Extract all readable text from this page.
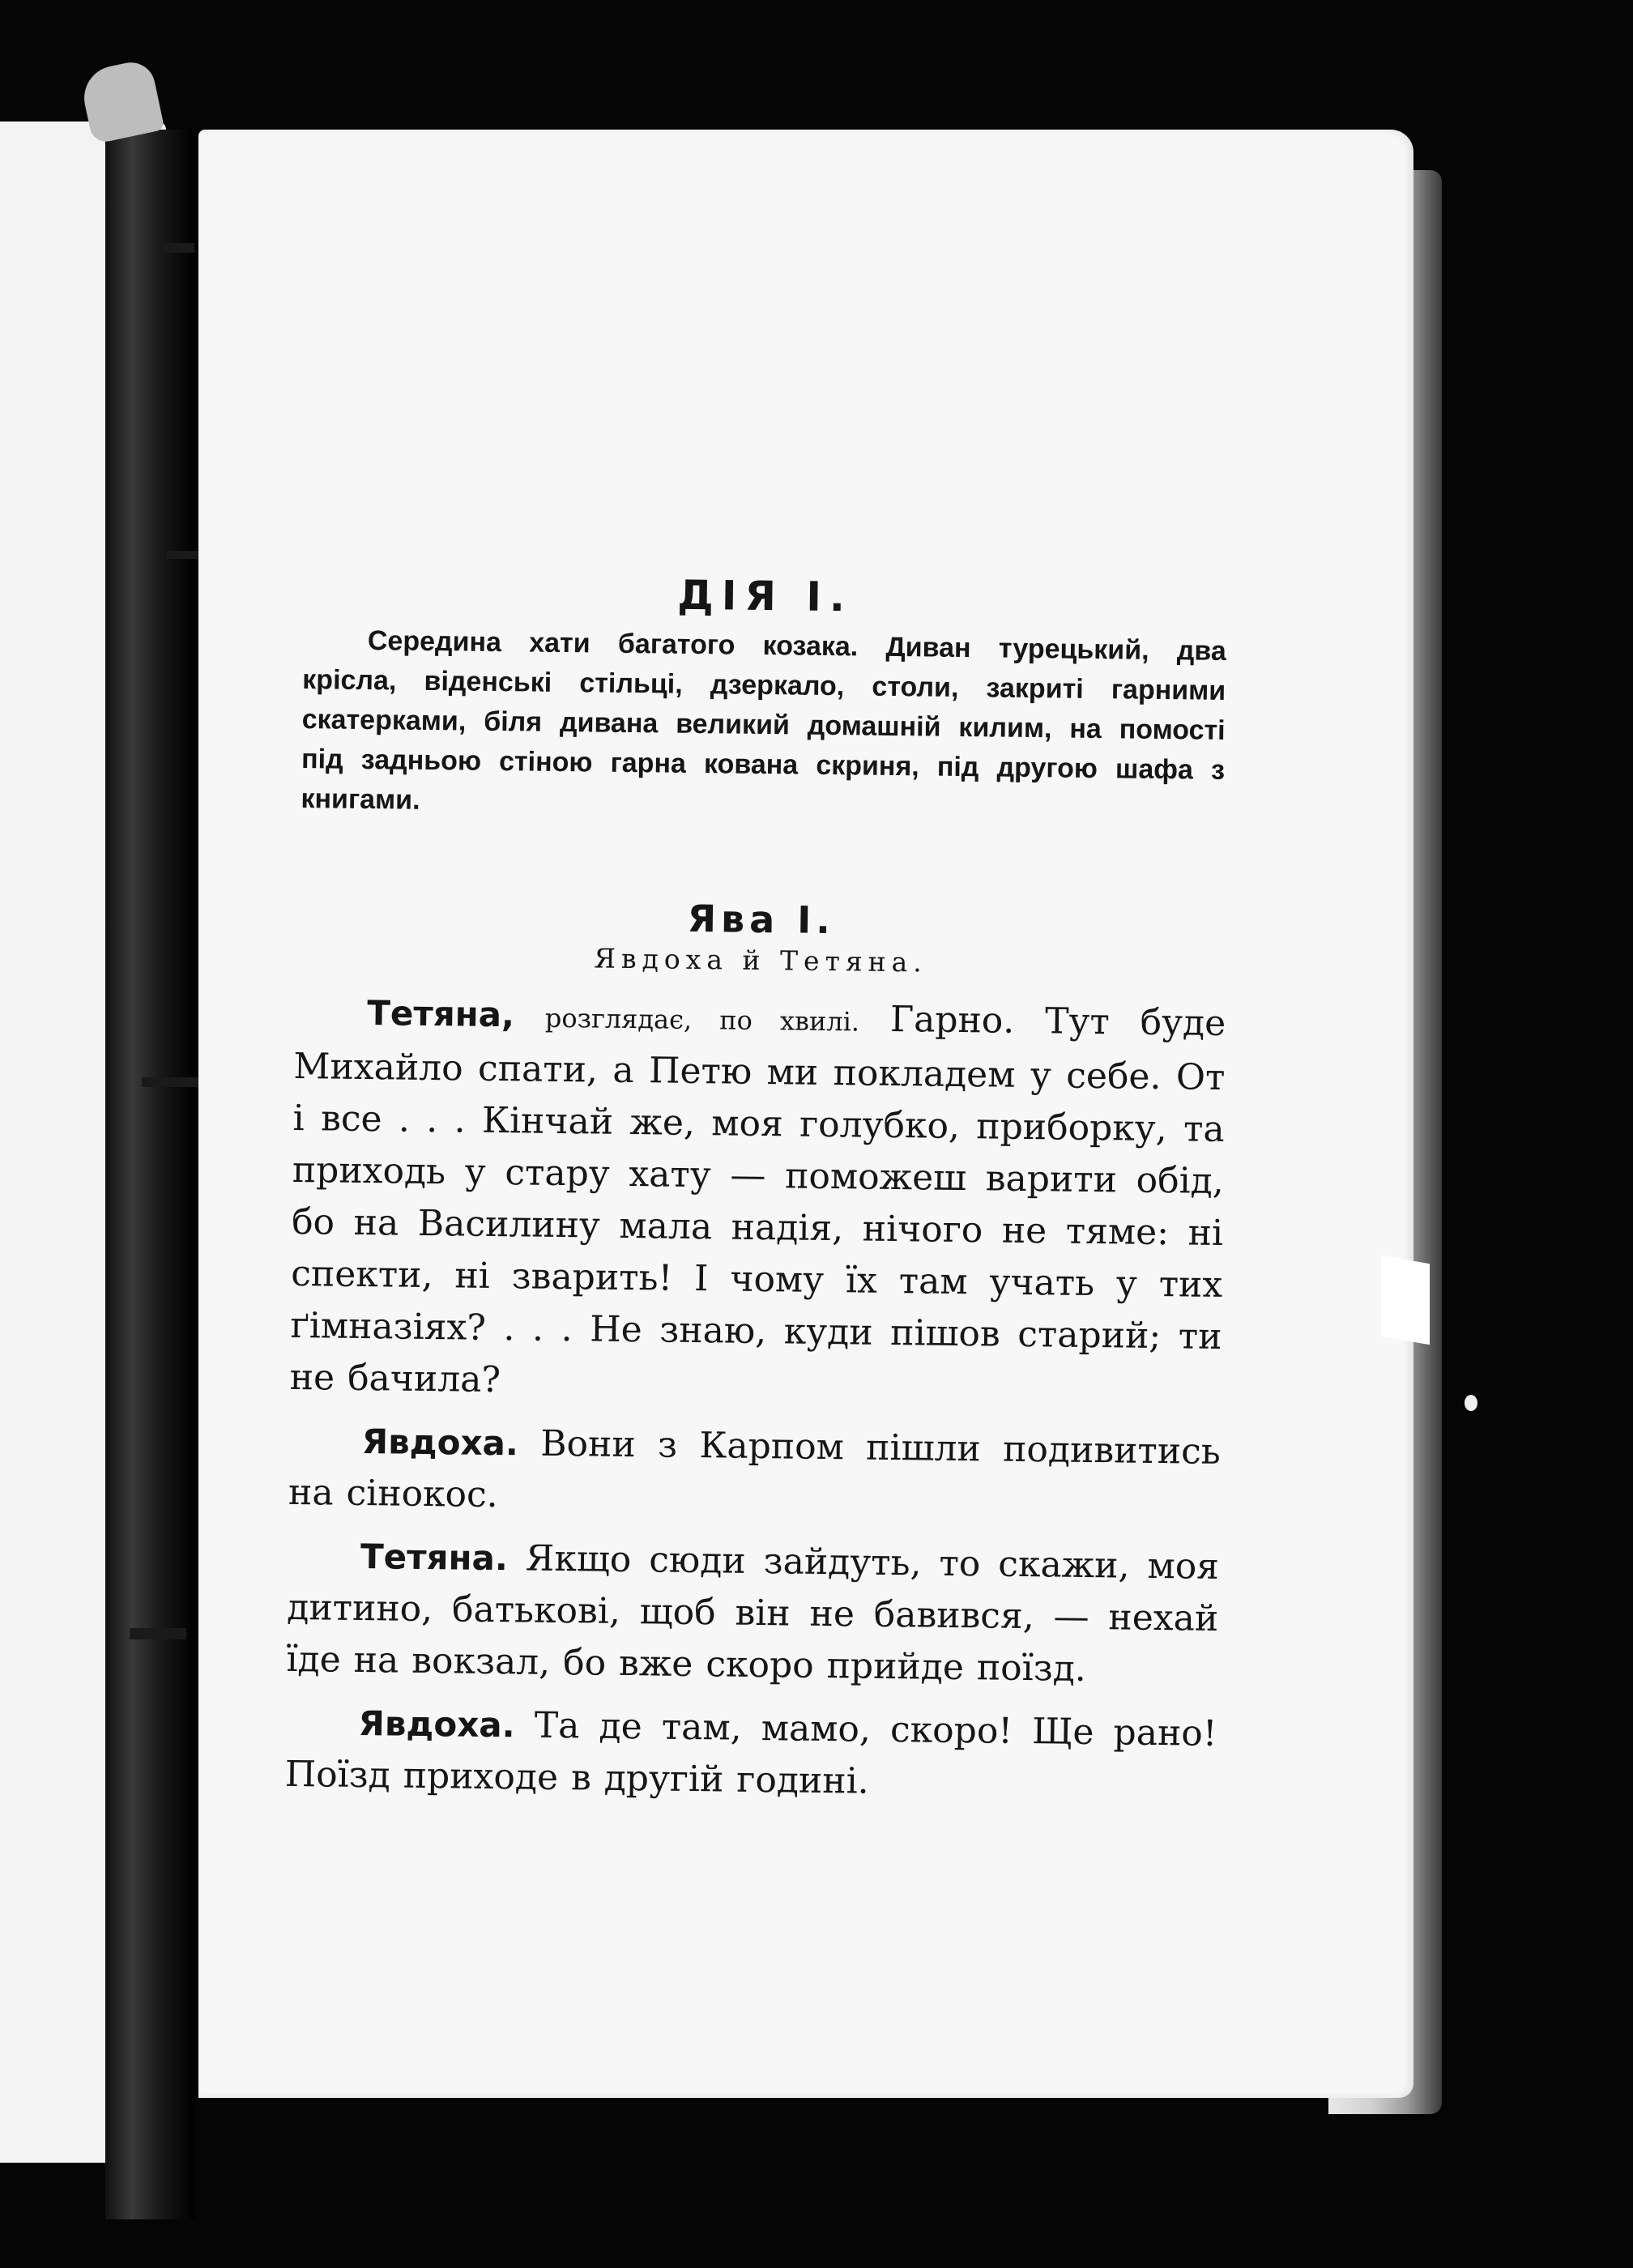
ДІЯ І.

Середина хати багатого козака. Диван турецький, два крісла, віденські стільці, дзеркало, столи, закриті гарними скатерками, біля дивана великий домашній килим, на помості під задньою стіною гарна кована скриня, під другою шафа з книгами.

Ява І.
Явдоха й Тетяна.

Тетяна, розглядає, по хвилі. Гарно. Тут буде Михайло спати, а Петю ми покладем у себе. От і все . . . Кінчай же, моя голубко, приборку, та приходь у стару хату — поможеш варити обід, бо на Василину мала надія, нічого не тяме: ні спекти, ні зварить! І чому їх там учать у тих ґімназіях? . . . Не знаю, куди пішов старий; ти не бачила?

Явдоха. Вони з Карпом пішли подивитись на сінокос.

Тетяна. Якщо сюди зайдуть, то скажи, моя дитино, батькові, щоб він не бавився, — нехай їде на вокзал, бо вже скоро прийде поїзд.

Явдоха. Та де там, мамо, скоро! Ще рано! Поїзд приходе в другій годині.
